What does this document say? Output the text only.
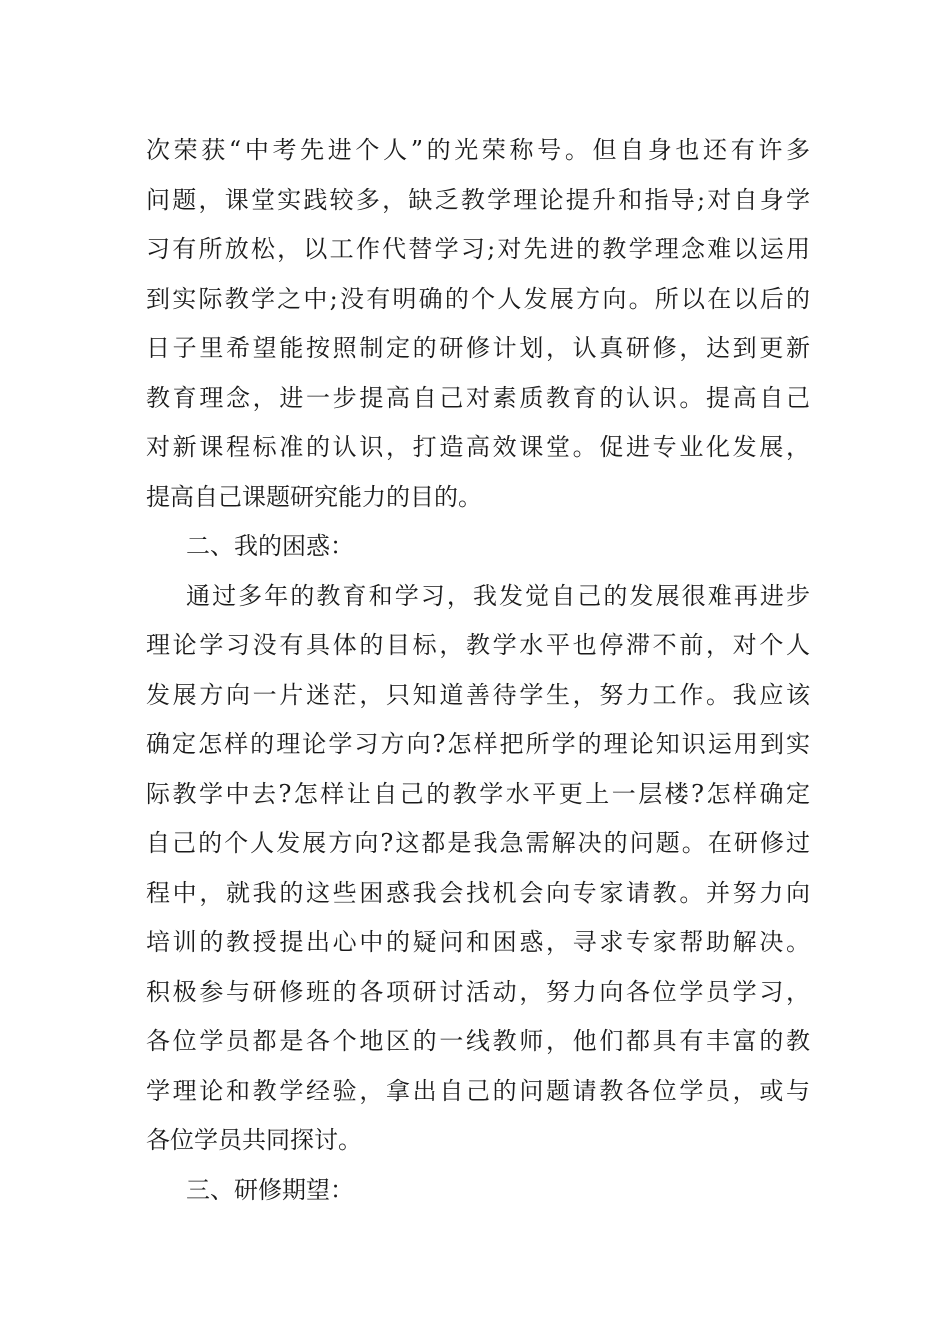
次荣获“中考先进个人”的光荣称号。但自身也还有许多
问题，课堂实践较多，缺乏教学理论提升和指导;对自身学
习有所放松，以工作代替学习;对先进的教学理念难以运用
到实际教学之中;没有明确的个人发展方向。所以在以后的
日子里希望能按照制定的研修计划，认真研修，达到更新
教育理念，进一步提高自己对素质教育的认识。提高自己
对新课程标准的认识，打造高效课堂。促进专业化发展，
提高自己课题研究能力的目的。
二、我的困惑：
通过多年的教育和学习，我发觉自己的发展很难再进步
理论学习没有具体的目标，教学水平也停滞不前，对个人
发展方向一片迷茫，只知道善待学生，努力工作。我应该
确定怎样的理论学习方向?怎样把所学的理论知识运用到实
际教学中去?怎样让自己的教学水平更上一层楼?怎样确定
自己的个人发展方向?这都是我急需解决的问题。在研修过
程中，就我的这些困惑我会找机会向专家请教。并努力向
培训的教授提出心中的疑问和困惑，寻求专家帮助解决。
积极参与研修班的各项研讨活动，努力向各位学员学习，
各位学员都是各个地区的一线教师，他们都具有丰富的教
学理论和教学经验，拿出自己的问题请教各位学员，或与
各位学员共同探讨。
三、研修期望：
